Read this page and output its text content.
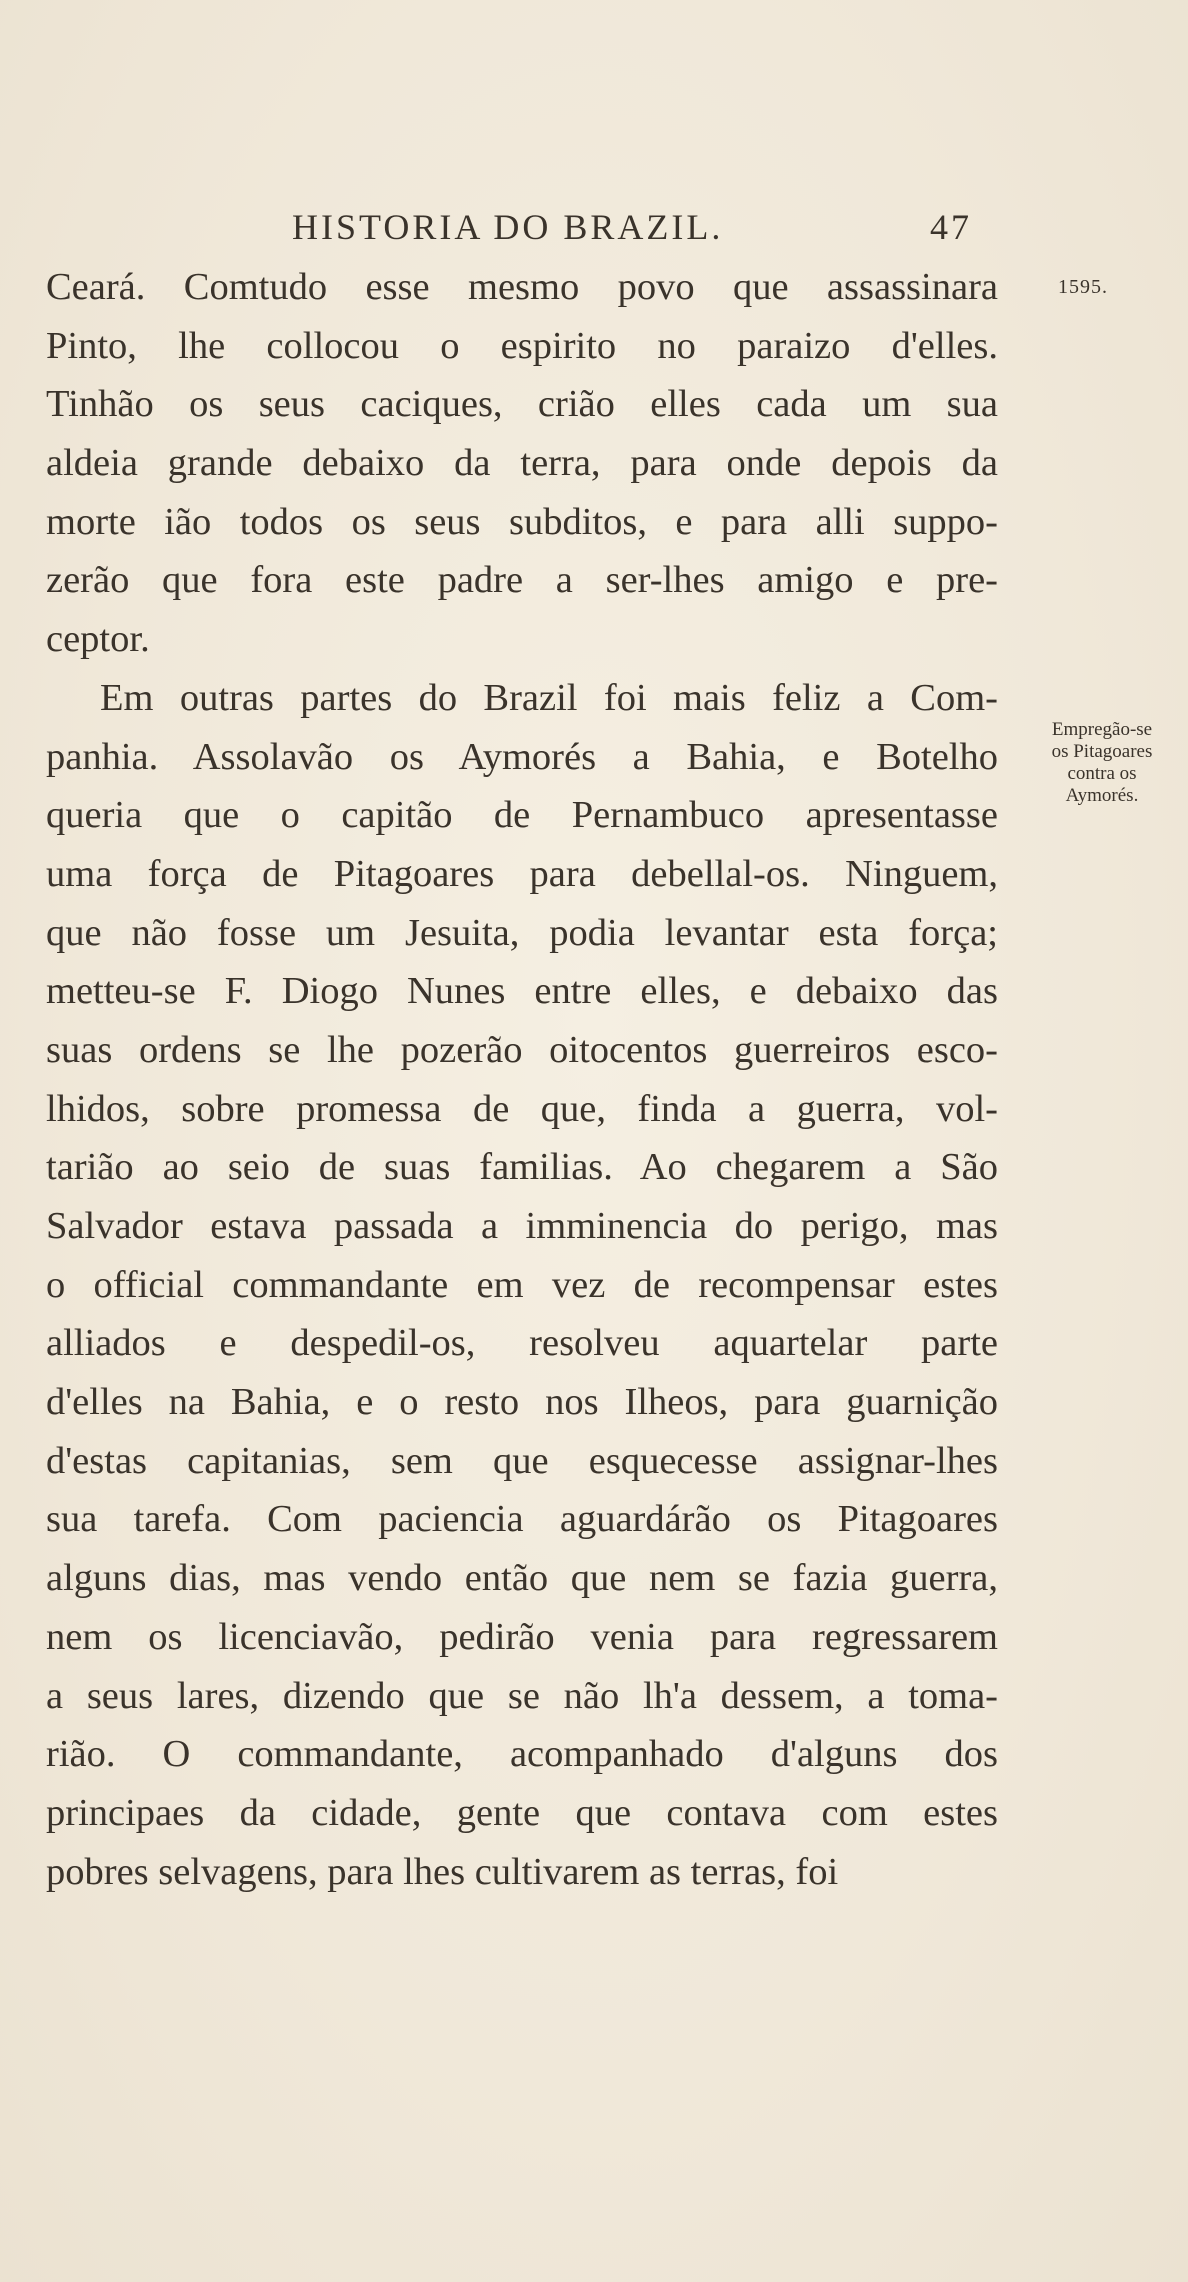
HISTORIA DO BRAZIL.	47
1595.
Empregão-se
os Pitagoares
contra os
Aymorés.
Ceará. Comtudo esse mesmo povo que assassinara
Pinto, lhe collocou o espirito no paraizo d'elles.
Tinhão os seus caciques, crião elles cada um sua
aldeia grande debaixo da terra, para onde depois da
morte ião todos os seus subditos, e para alli suppo-
zerão que fora este padre a ser-lhes amigo e pre-
ceptor.
Em outras partes do Brazil foi mais feliz a Com-
panhia. Assolavão os Aymorés a Bahia, e Botelho
queria que o capitão de Pernambuco apresentasse
uma força de Pitagoares para debellal-os. Ninguem,
que não fosse um Jesuita, podia levantar esta força;
metteu-se F. Diogo Nunes entre elles, e debaixo das
suas ordens se lhe pozerão oitocentos guerreiros esco-
lhidos, sobre promessa de que, finda a guerra, vol-
tarião ao seio de suas familias. Ao chegarem a São
Salvador estava passada a imminencia do perigo, mas
o official commandante em vez de recompensar estes
alliados e despedil-os, resolveu aquartelar parte
d'elles na Bahia, e o resto nos Ilheos, para guarnição
d'estas capitanias, sem que esquecesse assignar-lhes
sua tarefa. Com paciencia aguardárão os Pitagoares
alguns dias, mas vendo então que nem se fazia guerra,
nem os licenciavão, pedirão venia para regressarem
a seus lares, dizendo que se não lh'a dessem, a toma-
rião. O commandante, acompanhado d'alguns dos
principaes da cidade, gente que contava com estes
pobres selvagens, para lhes cultivarem as terras, foi
